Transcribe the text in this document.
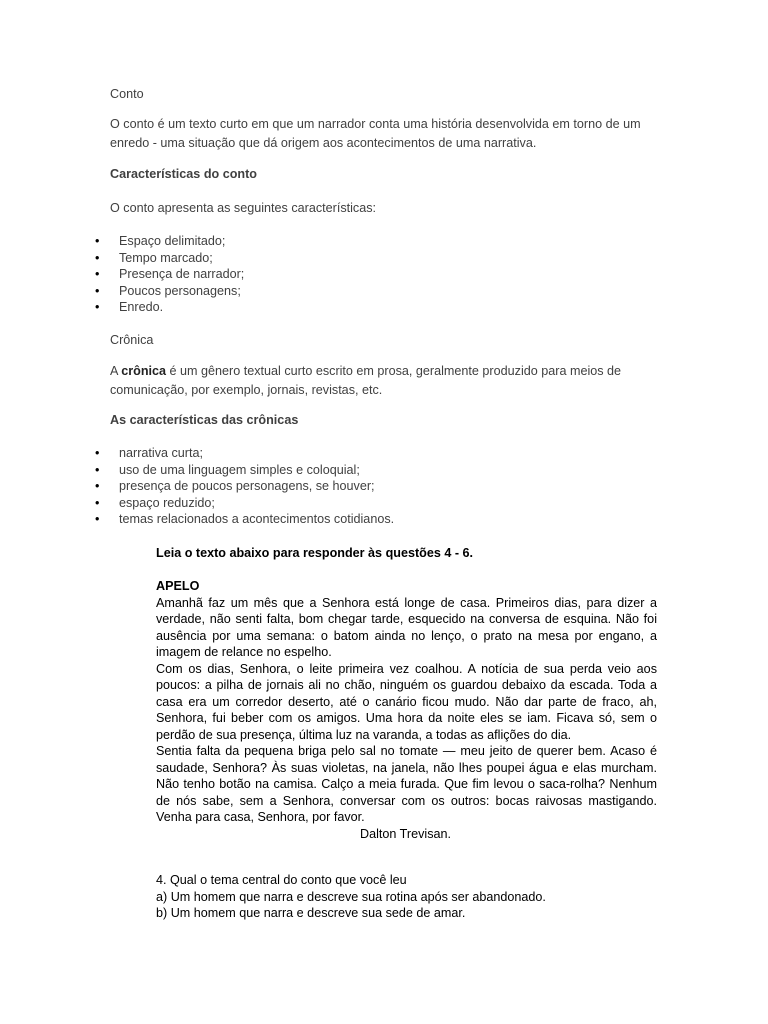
Conto

O conto é um texto curto em que um narrador conta uma história desenvolvida em torno de um enredo - uma situação que dá origem aos acontecimentos de uma narrativa.

Características do conto

O conto apresenta as seguintes características:

• Espaço delimitado;
• Tempo marcado;
• Presença de narrador;
• Poucos personagens;
• Enredo.

Crônica

A crônica é um gênero textual curto escrito em prosa, geralmente produzido para meios de comunicação, por exemplo, jornais, revistas, etc.

As características das crônicas

• narrativa curta;
• uso de uma linguagem simples e coloquial;
• presença de poucos personagens, se houver;
• espaço reduzido;
• temas relacionados a acontecimentos cotidianos.

Leia o texto abaixo para responder às questões 4 - 6.

APELO

Amanhã faz um mês que a Senhora está longe de casa. Primeiros dias, para dizer a verdade, não senti falta, bom chegar tarde, esquecido na conversa de esquina. Não foi ausência por uma semana: o batom ainda no lenço, o prato na mesa por engano, a imagem de relance no espelho.

Com os dias, Senhora, o leite primeira vez coalhou. A notícia de sua perda veio aos poucos: a pilha de jornais ali no chão, ninguém os guardou debaixo da escada. Toda a casa era um corredor deserto, até o canário ficou mudo. Não dar parte de fraco, ah, Senhora, fui beber com os amigos. Uma hora da noite eles se iam. Ficava só, sem o perdão de sua presença, última luz na varanda, a todas as aflições do dia.

Sentia falta da pequena briga pelo sal no tomate — meu jeito de querer bem. Acaso é saudade, Senhora? Às suas violetas, na janela, não lhes poupei água e elas murcham. Não tenho botão na camisa. Calço a meia furada. Que fim levou o saca-rolha? Nenhum de nós sabe, sem a Senhora, conversar com os outros: bocas raivosas mastigando. Venha para casa, Senhora, por favor.

Dalton Trevisan.

4. Qual o tema central do conto que você leu

a) Um homem que narra e descreve sua rotina após ser abandonado.

b) Um homem que narra e descreve sua sede de amar.
